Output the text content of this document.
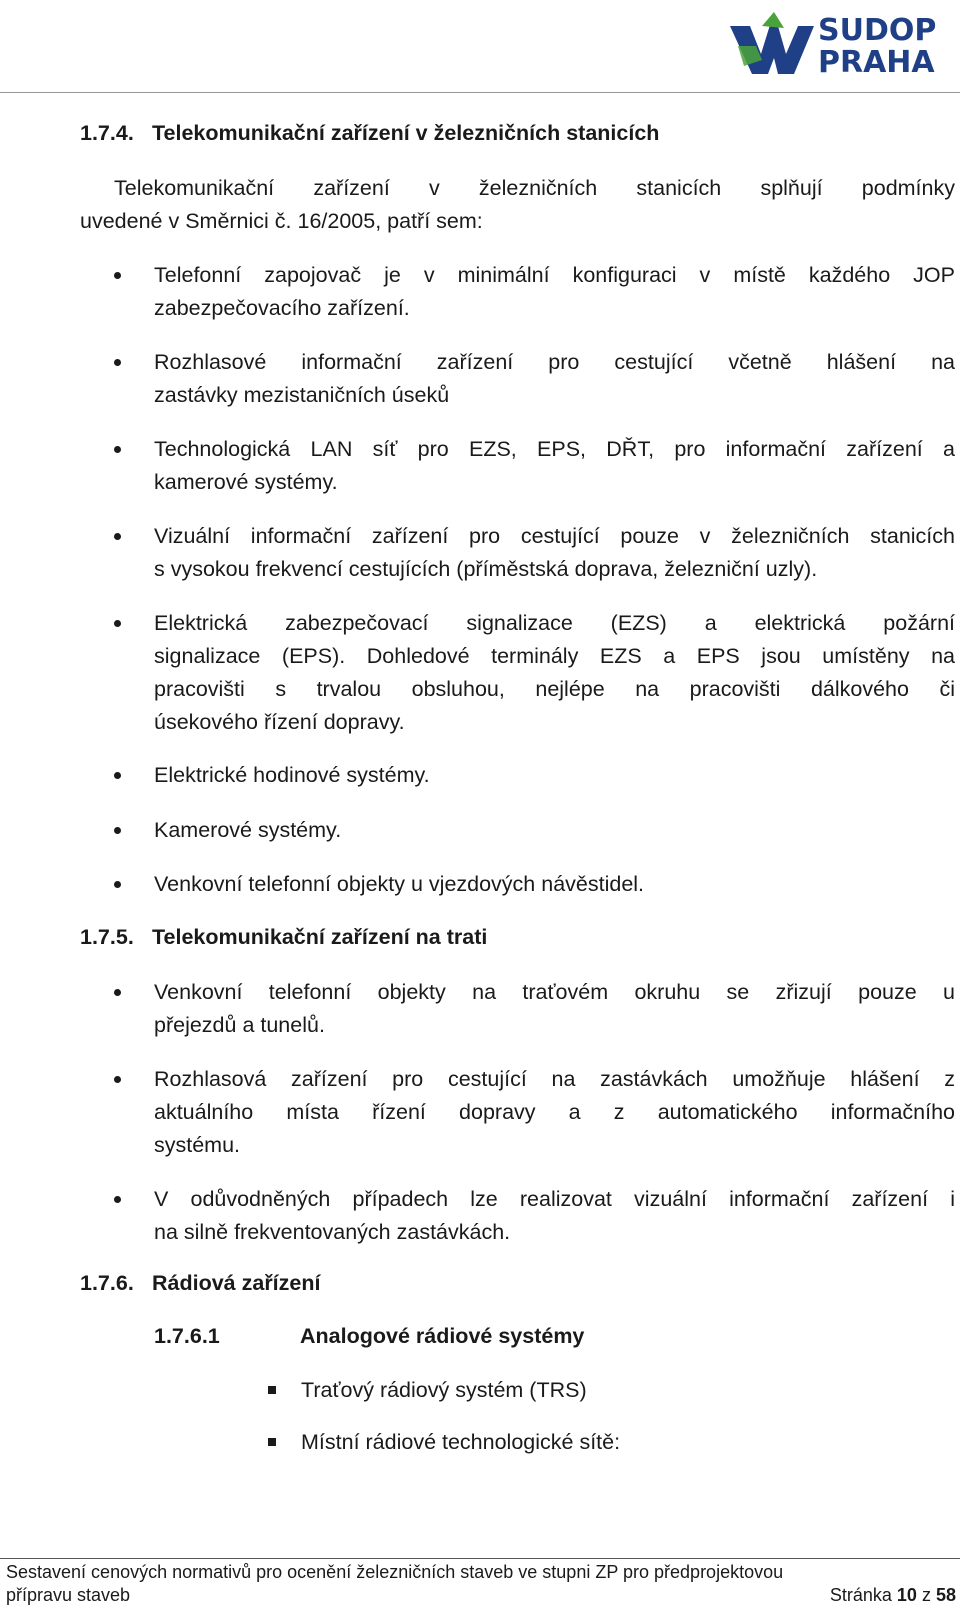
SUDOP
PRAHA
1.7.4. Telekomunikační zařízení v železničních stanicích
Telekomunikační zařízení v železničních stanicích splňují podmínky
uvedené v Směrnici č. 16/2005, patří sem:
Telefonní zapojovač je v minimální konfiguraci v místě každého JOP
zabezpečovacího zařízení.
Rozhlasové informační zařízení pro cestující včetně hlášení na
zastávky mezistaničních úseků
Technologická LAN síť pro EZS, EPS, DŘT, pro informační zařízení a
kamerové systémy.
Vizuální informační zařízení pro cestující pouze v železničních stanicích
s vysokou frekvencí cestujících (příměstská doprava, železniční uzly).
Elektrická zabezpečovací signalizace (EZS) a elektrická požární
signalizace (EPS). Dohledové terminály EZS a EPS jsou umístěny na
pracovišti s trvalou obsluhou, nejlépe na pracovišti dálkového či
úsekového řízení dopravy.
Elektrické hodinové systémy.
Kamerové systémy.
Venkovní telefonní objekty u vjezdových návěstidel.
1.7.5. Telekomunikační zařízení na trati
Venkovní telefonní objekty na traťovém okruhu se zřizují pouze u
přejezdů a tunelů.
Rozhlasová zařízení pro cestující na zastávkách umožňuje hlášení z
aktuálního místa řízení dopravy a z automatického informačního
systému.
V odůvodněných případech lze realizovat vizuální informační zařízení i
na silně frekventovaných zastávkách.
1.7.6. Rádiová zařízení
1.7.6.1	Analogové rádiové systémy
Traťový rádiový systém (TRS)
Místní rádiové technologické sítě:
Sestavení cenových normativů pro ocenění železničních staveb ve stupni ZP pro předprojektovou
přípravu staveb	Stránka 10 z 58
